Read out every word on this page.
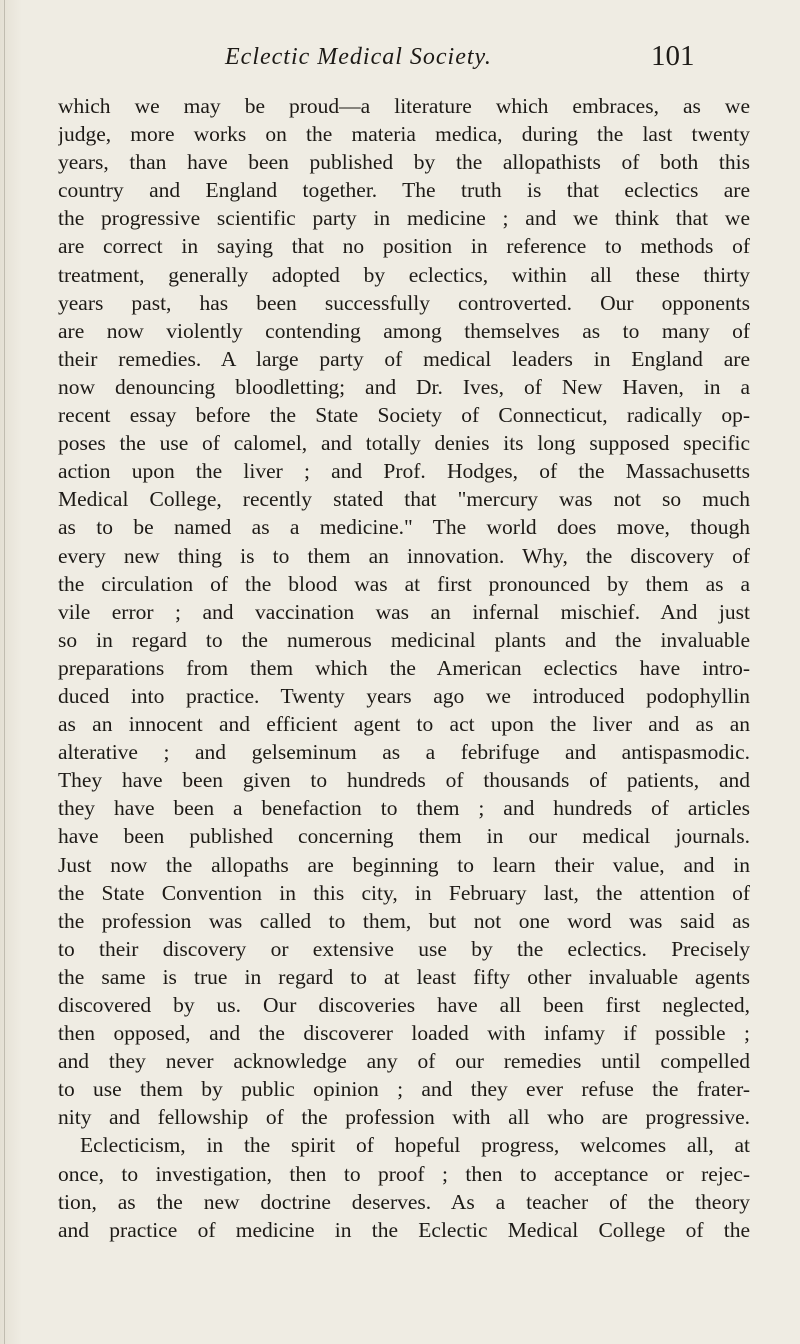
Eclectic Medical Society.	101
which we may be proud—a literature which embraces, as we
judge, more works on the materia medica, during the last twenty
years, than have been published by the allopathists of both this
country and England together. The truth is that eclectics are
the progressive scientific party in medicine ; and we think that we
are correct in saying that no position in reference to methods of
treatment, generally adopted by eclectics, within all these thirty
years past, has been successfully controverted. Our opponents
are now violently contending among themselves as to many of
their remedies. A large party of medical leaders in England are
now denouncing bloodletting; and Dr. Ives, of New Haven, in a
recent essay before the State Society of Connecticut, radically op-
poses the use of calomel, and totally denies its long supposed specific
action upon the liver ; and Prof. Hodges, of the Massachusetts
Medical College, recently stated that "mercury was not so much
as to be named as a medicine." The world does move, though
every new thing is to them an innovation. Why, the discovery of
the circulation of the blood was at first pronounced by them as a
vile error ; and vaccination was an infernal mischief. And just
so in regard to the numerous medicinal plants and the invaluable
preparations from them which the American eclectics have intro-
duced into practice. Twenty years ago we introduced podophyllin
as an innocent and efficient agent to act upon the liver and as an
alterative ; and gelseminum as a febrifuge and antispasmodic.
They have been given to hundreds of thousands of patients, and
they have been a benefaction to them ; and hundreds of articles
have been published concerning them in our medical journals.
Just now the allopaths are beginning to learn their value, and in
the State Convention in this city, in February last, the attention of
the profession was called to them, but not one word was said as
to their discovery or extensive use by the eclectics. Precisely
the same is true in regard to at least fifty other invaluable agents
discovered by us. Our discoveries have all been first neglected,
then opposed, and the discoverer loaded with infamy if possible ;
and they never acknowledge any of our remedies until compelled
to use them by public opinion ; and they ever refuse the frater-
nity and fellowship of the profession with all who are progressive.
Eclecticism, in the spirit of hopeful progress, welcomes all, at
once, to investigation, then to proof ; then to acceptance or rejec-
tion, as the new doctrine deserves. As a teacher of the theory
and practice of medicine in the Eclectic Medical College of the
